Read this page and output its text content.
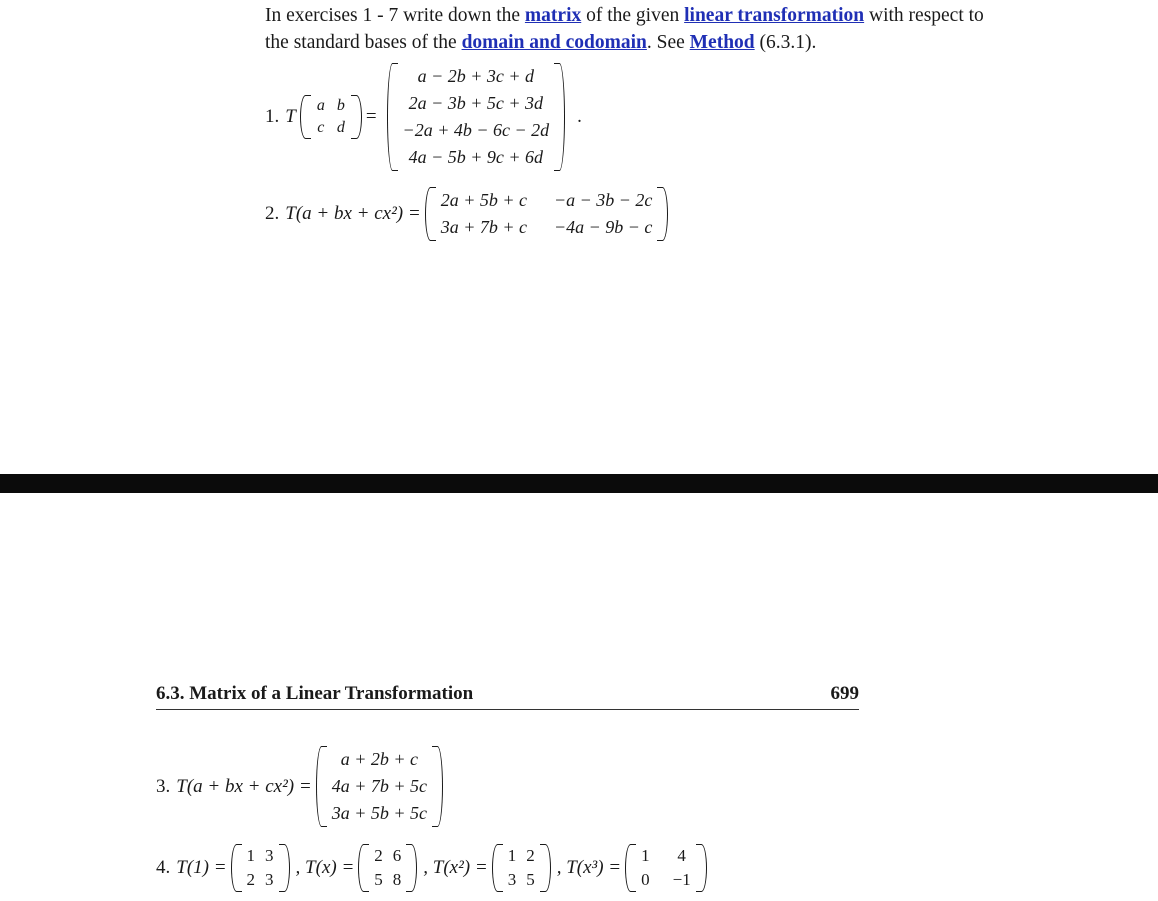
In exercises 1 - 7 write down the matrix of the given linear transformation with respect to the standard bases of the domain and codomain. See Method (6.3.1).
1. T
a	b
c	d
=
a − 2b + 3c + d
2a − 3b + 5c + 3d
−2a + 4b − 6c − 2d
4a − 5b + 9c + 6d
.
2. T(a + bx + cx²) =
2a + 5b + c	−a − 3b − 2c
3a + 7b + c	−4a − 9b − c
6.3. Matrix of a Linear Transformation	699
3. T(a + bx + cx²) =
a + 2b + c
4a + 7b + 5c
3a + 5b + 5c
4. T(1) =
1	3
2	3
, T(x) =
2	6
5	8
, T(x²) =
1	2
3	5
, T(x³) =
1	4
0	−1
